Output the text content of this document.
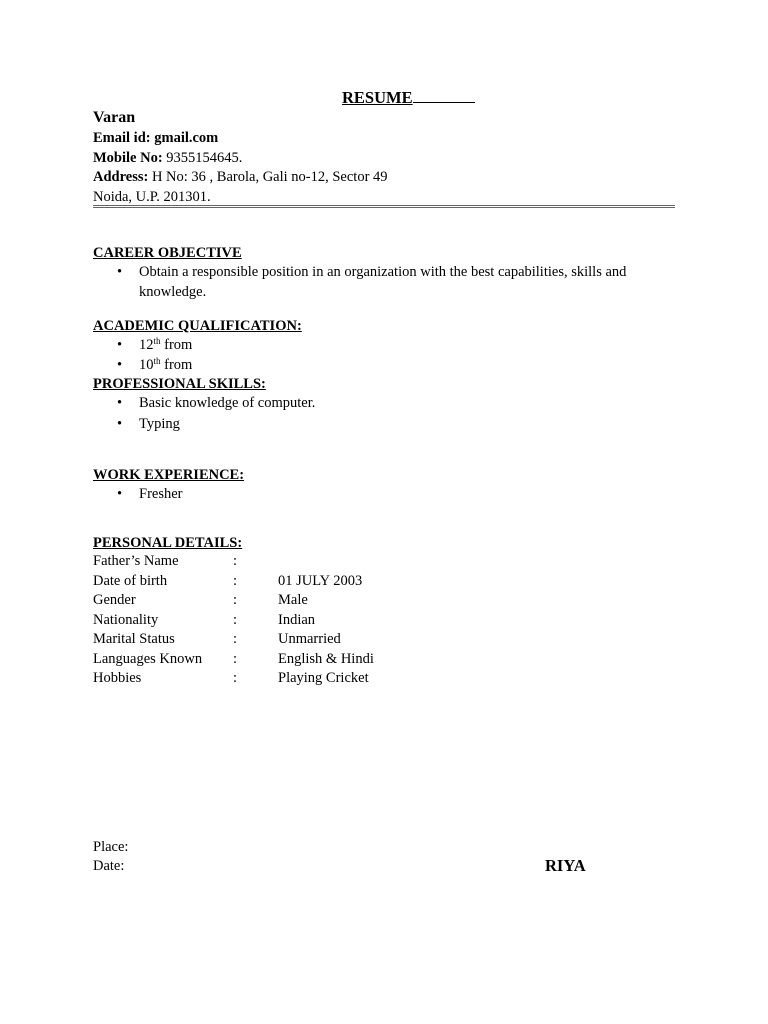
RESUME
Varan
Email id: gmail.com
Mobile No: 9355154645.
Address: H No: 36 , Barola, Gali no-12, Sector 49
Noida, U.P. 201301.
CAREER OBJECTIVE
• Obtain a responsible position in an organization with the best capabilities, skills and knowledge.
ACADEMIC QUALIFICATION:
• 12th from
• 10th from
PROFESSIONAL SKILLS:
• Basic knowledge of computer.
• Typing
WORK EXPERIENCE:
• Fresher
PERSONAL DETAILS:
Father’s Name	:
Date of birth	:	01 JULY 2003
Gender	:	Male
Nationality	:	Indian
Marital Status	:	Unmarried
Languages Known :	English & Hindi
Hobbies	:	Playing Cricket
Place:
Date:	RIYA
